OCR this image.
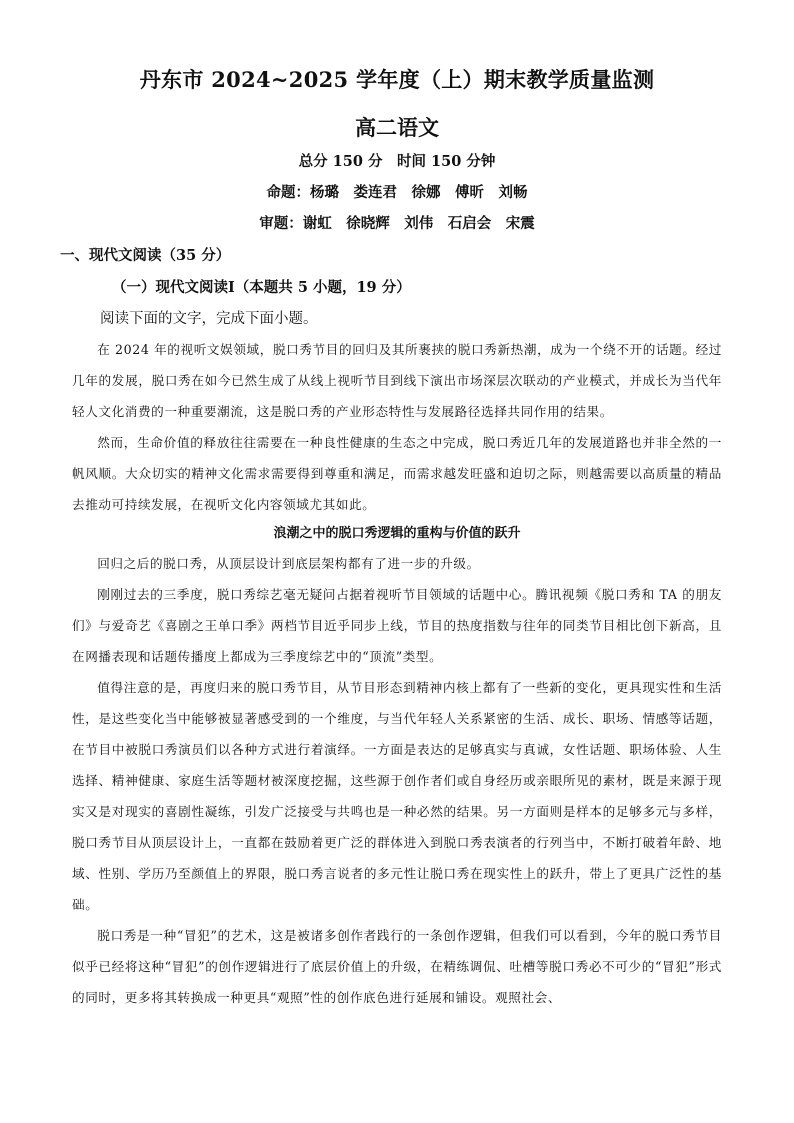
丹东市 2024~2025 学年度（上）期末教学质量监测
高二语文
总分 150 分　时间 150 分钟
命题：杨璐　娄连君　徐娜　傅昕　刘畅
审题：谢虹　徐晓辉　刘伟　石启会　宋震
一、现代文阅读（35 分）
（一）现代文阅读Ⅰ（本题共 5 小题，19 分）
阅读下面的文字，完成下面小题。

在 2024 年的视听文娱领域，脱口秀节目的回归及其所裹挟的脱口秀新热潮，成为一个绕不开的话题。经过几年的发展，脱口秀在如今已然生成了从线上视听节目到线下演出市场深层次联动的产业模式，并成长为当代年轻人文化消费的一种重要潮流，这是脱口秀的产业形态特性与发展路径选择共同作用的结果。

然而，生命价值的释放往往需要在一种良性健康的生态之中完成，脱口秀近几年的发展道路也并非全然的一帆风顺。大众切实的精神文化需求需要得到尊重和满足，而需求越发旺盛和迫切之际，则越需要以高质量的精品去推动可持续发展，在视听文化内容领域尤其如此。

浪潮之中的脱口秀逻辑的重构与价值的跃升

回归之后的脱口秀，从顶层设计到底层架构都有了进一步的升级。

刚刚过去的三季度，脱口秀综艺毫无疑问占据着视听节目领域的话题中心。腾讯视频《脱口秀和 TA 的朋友们》与爱奇艺《喜剧之王单口季》两档节目近乎同步上线，节目的热度指数与往年的同类节目相比创下新高，且在网播表现和话题传播度上都成为三季度综艺中的“顶流”类型。

值得注意的是，再度归来的脱口秀节目，从节目形态到精神内核上都有了一些新的变化，更具现实性和生活性，是这些变化当中能够被显著感受到的一个维度，与当代年轻人关系紧密的生活、成长、职场、情感等话题，在节目中被脱口秀演员们以各种方式进行着演绎。一方面是表达的足够真实与真诚，女性话题、职场体验、人生选择、精神健康、家庭生活等题材被深度挖掘，这些源于创作者们或自身经历或亲眼所见的素材，既是来源于现实又是对现实的喜剧性凝练，引发广泛接受与共鸣也是一种必然的结果。另一方面则是样本的足够多元与多样，脱口秀节目从顶层设计上，一直都在鼓励着更广泛的群体进入到脱口秀表演者的行列当中，不断打破着年龄、地域、性别、学历乃至颜值上的界限，脱口秀言说者的多元性让脱口秀在现实性上的跃升，带上了更具广泛性的基础。

脱口秀是一种“冒犯”的艺术，这是被诸多创作者践行的一条创作逻辑，但我们可以看到，今年的脱口秀节目似乎已经将这种“冒犯”的创作逻辑进行了底层价值上的升级，在精练调侃、吐槽等脱口秀必不可少的“冒犯”形式的同时，更多将其转换成一种更具“观照”性的创作底色进行延展和铺设。观照社会、
